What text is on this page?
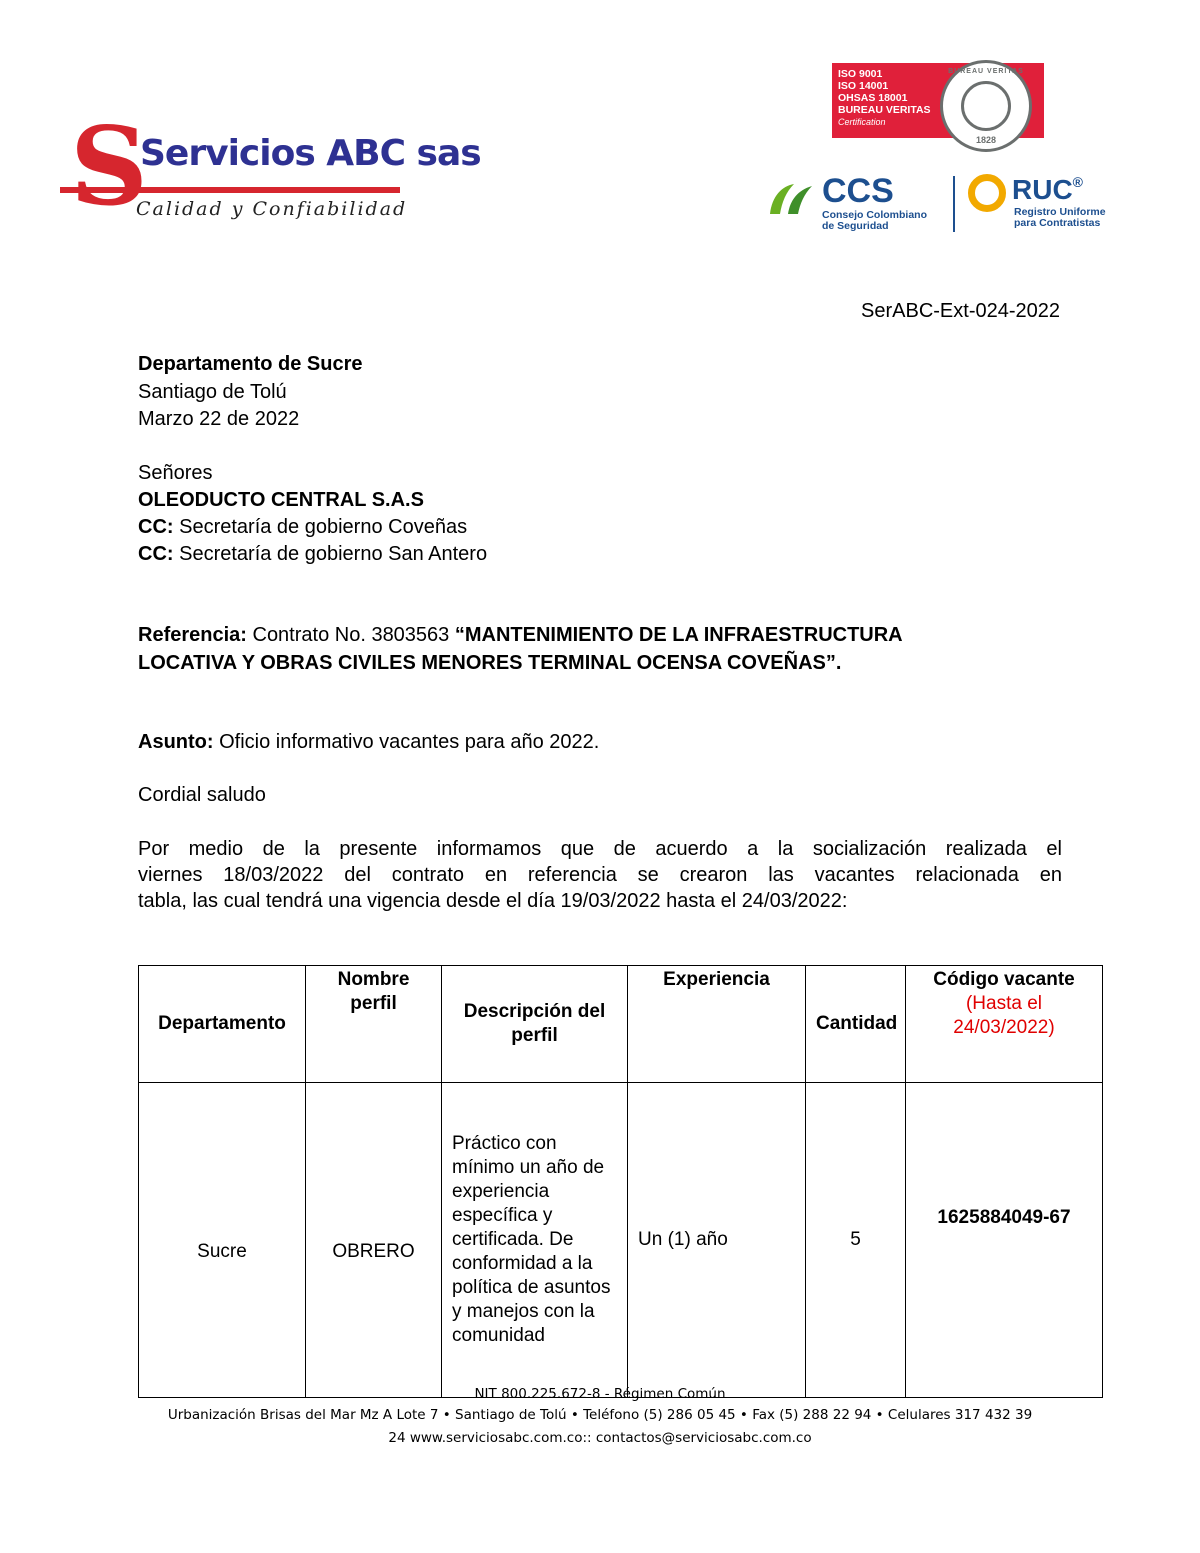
S
Servicios ABC sas
Calidad y Confiabilidad
ISO 9001
ISO 14001
OHSAS 18001
BUREAU VERITAS
Certification
BUREAU VERITAS
1828
CCS
Consejo Colombiano
de Seguridad
RUC®
Registro Uniforme
para Contratistas
SerABC-Ext-024-2022
Departamento de Sucre
Santiago de Tolú
Marzo 22 de 2022
Señores
OLEODUCTO CENTRAL S.A.S
CC: Secretaría de gobierno Coveñas
CC: Secretaría de gobierno San Antero
Referencia: Contrato No. 3803563 “MANTENIMIENTO DE LA INFRAESTRUCTURA
LOCATIVA Y OBRAS CIVILES MENORES TERMINAL OCENSA COVEÑAS”.
Asunto: Oficio informativo vacantes para año 2022.
Cordial saludo
Por medio de la presente informamos que de acuerdo a la socialización realizada el
viernes 18/03/2022 del contrato en referencia se crearon las vacantes relacionada en
tabla, las cual tendrá una vigencia desde el día 19/03/2022 hasta el 24/03/2022:
Departamento	Nombre perfil	Descripción del perfil	Experiencia	Cantidad	Código vacante
(Hasta el 24/03/2022)

Sucre	OBRERO	Práctico con mínimo un año de experiencia específica y certificada. De conformidad a la política de asuntos y manejos con la comunidad	Un (1) año	5	1625884049-67
NIT 800.225.672-8 - Régimen Común
Urbanización Brisas del Mar Mz A Lote 7 • Santiago de Tolú • Teléfono (5) 286 05 45 • Fax (5) 288 22 94 • Celulares 317 432 39
24 www.serviciosabc.com.co:: contactos@serviciosabc.com.co
